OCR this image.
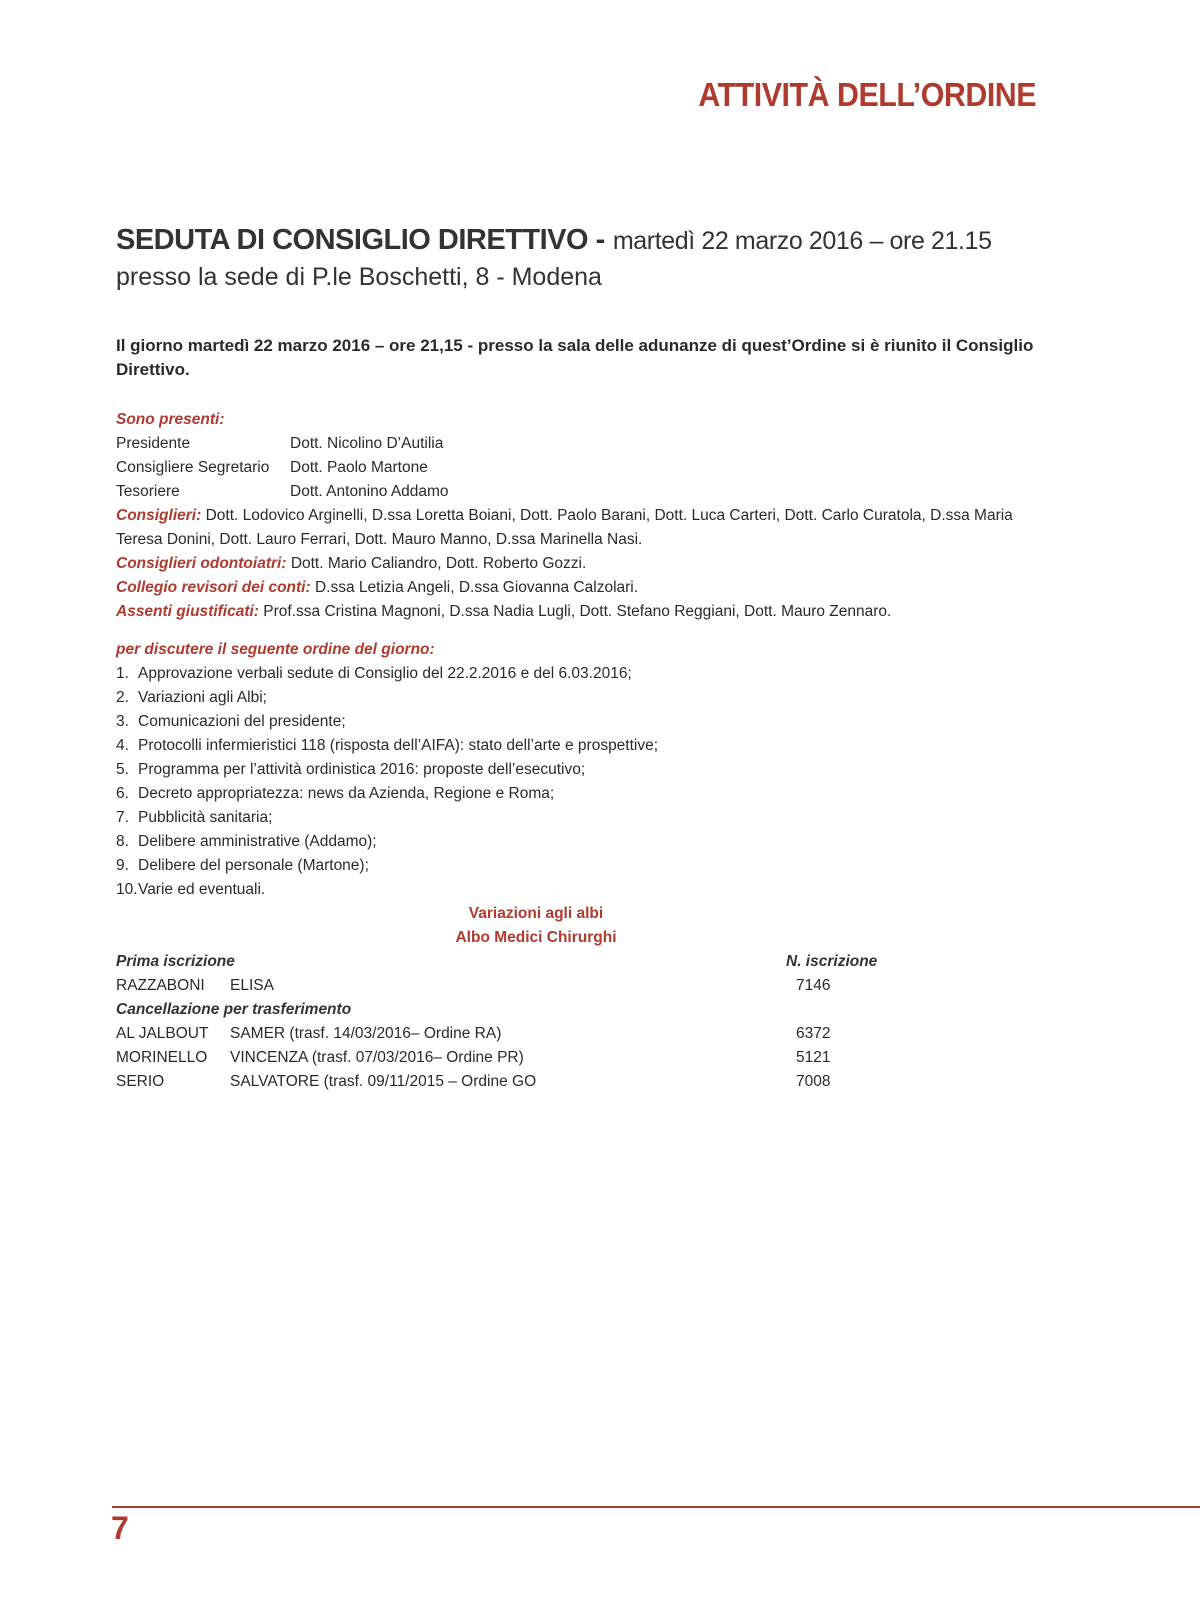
ATTIVITÀ DELL’ORDINE
SEDUTA DI CONSIGLIO DIRETTIVO - martedì 22 marzo 2016 – ore 21.15
presso la sede di P.le Boschetti, 8 - Modena
Il giorno martedì 22 marzo 2016 – ore 21,15 - presso la sala delle adunanze di quest’Ordine si è riunito il Consiglio Direttivo.
Sono presenti:
Presidente	Dott. Nicolino D’Autilia
Consigliere Segretario	Dott. Paolo Martone
Tesoriere	Dott. Antonino Addamo
Consiglieri: Dott. Lodovico Arginelli, D.ssa Loretta Boiani, Dott. Paolo Barani, Dott. Luca Carteri, Dott. Carlo Curatola, D.ssa Maria Teresa Donini, Dott. Lauro Ferrari, Dott. Mauro Manno, D.ssa Marinella Nasi.
Consiglieri odontoiatri: Dott. Mario Caliandro, Dott. Roberto Gozzi.
Collegio revisori dei conti: D.ssa Letizia Angeli, D.ssa Giovanna Calzolari.
Assenti giustificati: Prof.ssa Cristina Magnoni, D.ssa Nadia Lugli, Dott. Stefano Reggiani, Dott. Mauro Zennaro.
per discutere il seguente ordine del giorno:
1. Approvazione verbali sedute di Consiglio del 22.2.2016 e del 6.03.2016;
2. Variazioni agli Albi;
3. Comunicazioni del presidente;
4. Protocolli infermieristici 118 (risposta dell’AIFA): stato dell’arte e prospettive;
5. Programma per l’attività ordinistica 2016: proposte dell’esecutivo;
6. Decreto appropriatezza: news da Azienda, Regione e Roma;
7. Pubblicità sanitaria;
8. Delibere amministrative (Addamo);
9. Delibere del personale (Martone);
10. Varie ed eventuali.
Variazioni agli albi
Albo Medici Chirurghi
Prima iscrizione	N. iscrizione
RAZZABONI	ELISA	7146
Cancellazione per trasferimento
AL JALBOUT	SAMER (trasf. 14/03/2016– Ordine RA)	6372
MORINELLO	VINCENZA (trasf. 07/03/2016– Ordine PR)	5121
SERIO	SALVATORE (trasf. 09/11/2015 – Ordine GO	7008
7
